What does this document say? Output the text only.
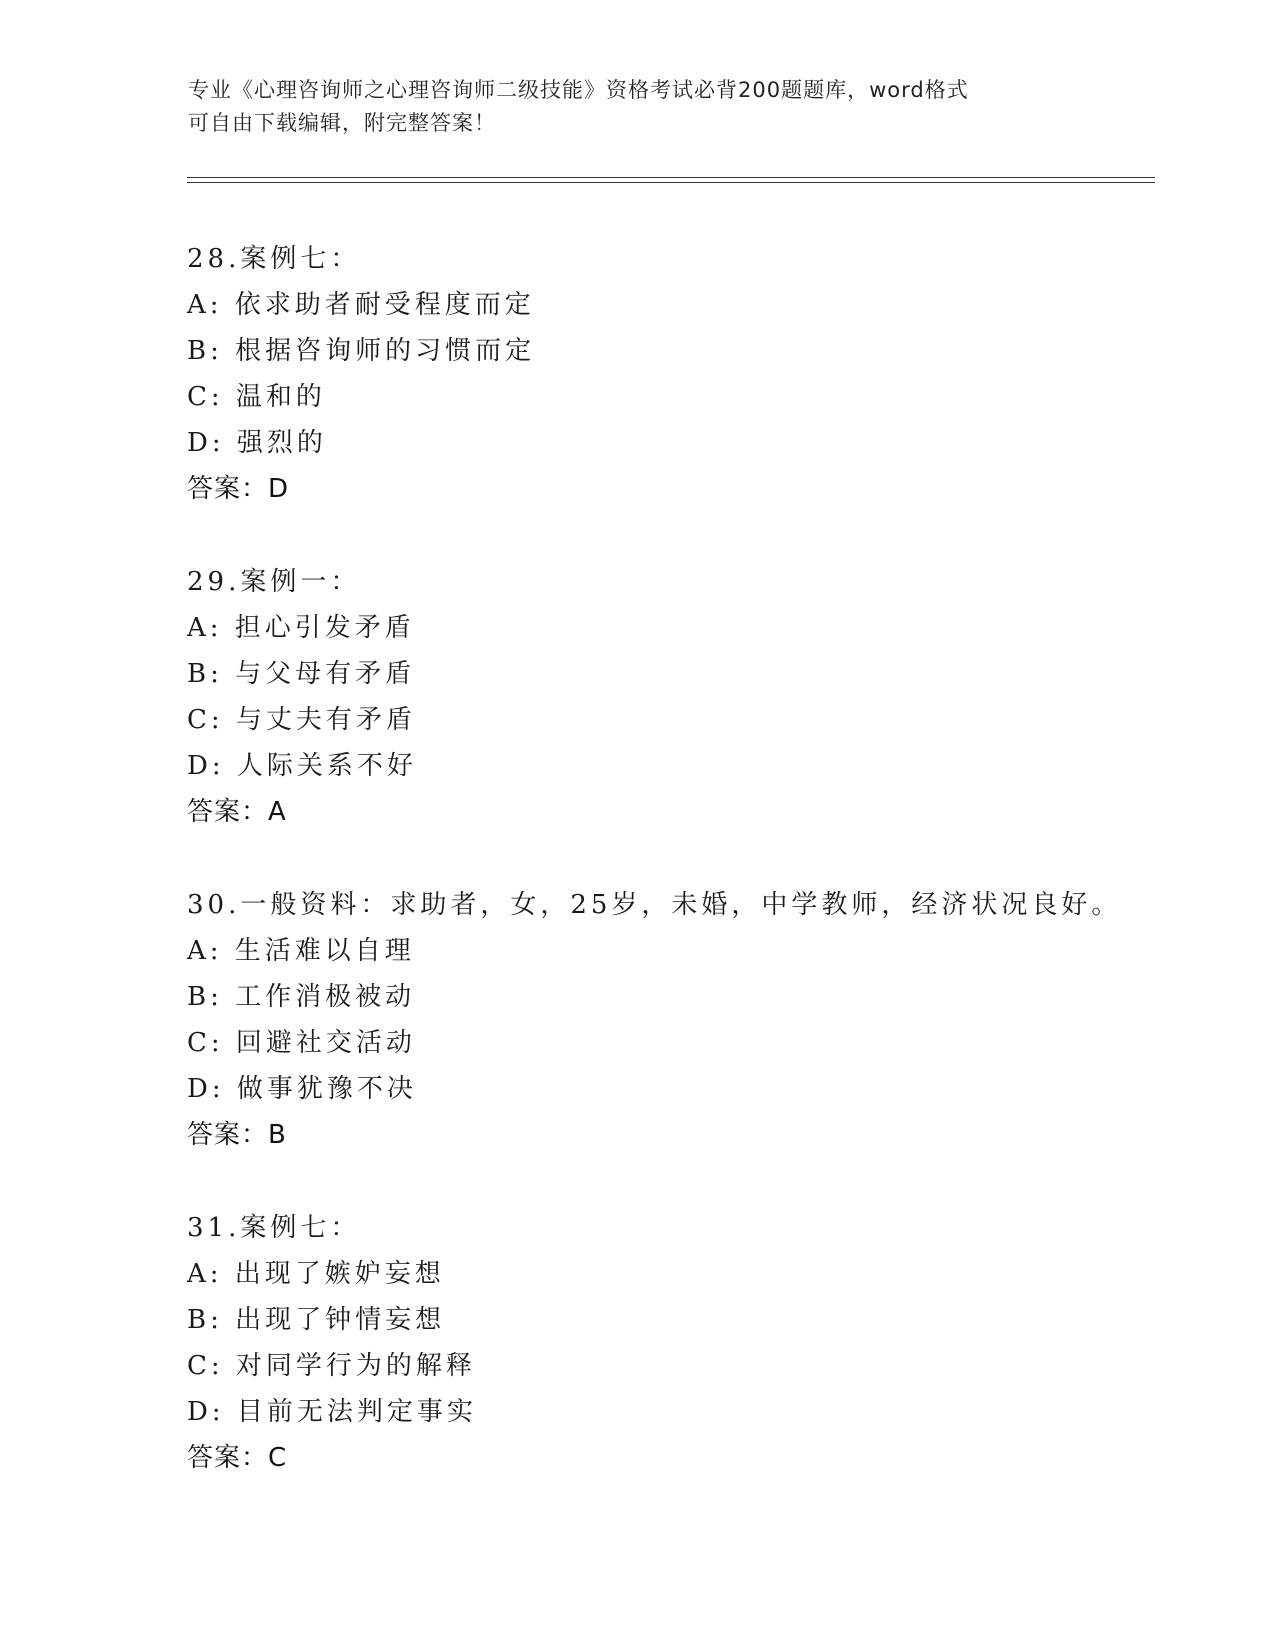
专业《心理咨询师之心理咨询师二级技能》资格考试必背200题题库，word格式
可自由下载编辑，附完整答案！
28.案例七：
A: 依求助者耐受程度而定
B: 根据咨询师的习惯而定
C: 温和的
D: 强烈的
答案：D
29.案例一：
A: 担心引发矛盾
B: 与父母有矛盾
C: 与丈夫有矛盾
D: 人际关系不好
答案：A
30.一般资料：求助者，女，25岁，未婚，中学教师，经济状况良好。
A: 生活难以自理
B: 工作消极被动
C: 回避社交活动
D: 做事犹豫不决
答案：B
31.案例七：
A: 出现了嫉妒妄想
B: 出现了钟情妄想
C: 对同学行为的解释
D: 目前无法判定事实
答案：C
